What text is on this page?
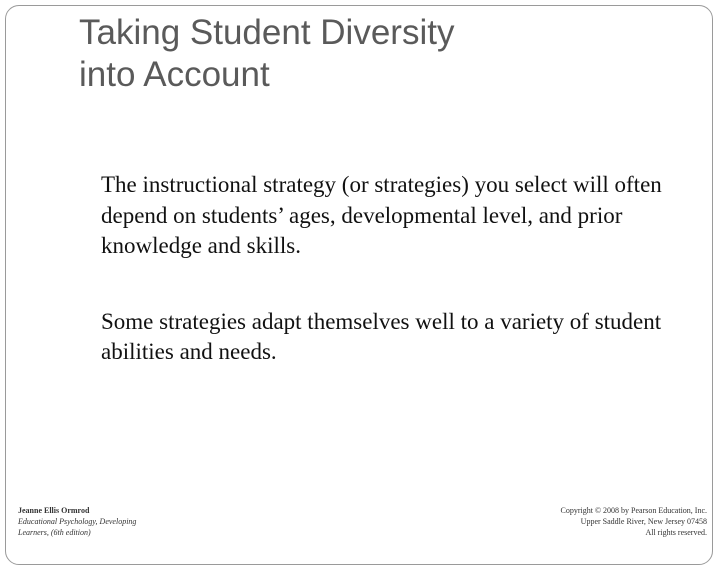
Taking Student Diversity
into Account
The instructional strategy (or strategies) you select will often depend on students’ ages, developmental level, and prior knowledge and skills.
Some strategies adapt themselves well to a variety of student abilities and needs.
Jeanne Ellis Ormrod
Educational Psychology, Developing
Learners, (6th edition)
Copyright © 2008 by Pearson Education, Inc.
Upper Saddle River, New Jersey 07458
All rights reserved.
